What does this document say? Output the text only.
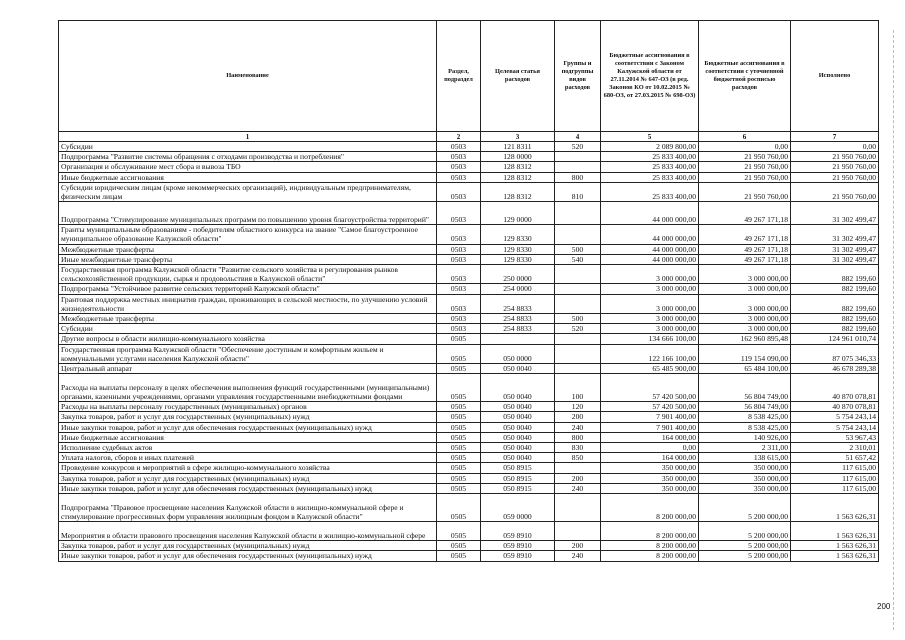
Наименование	Раздел, подраздел	Целевая статья расходов	Группы и подгруппы видов расходов	Бюджетные ассигнования в соответствии с Законом Калужской области от 27.11.2014 № 647-ОЗ (в ред. Законов КО от 10.02.2015 № 680-ОЗ, от 27.03.2015 № 698-ОЗ)	Бюджетные ассигнования в соответствии с уточненной бюджетной росписью расходов	Исполнено
1	2	3	4	5	6	7
Субсидии	0503	121 8311	520	2 089 800,00	0,00	0,00
Подпрограмма "Развитие системы обращения с отходами производства и потребления"	0503	128 0000		25 833 400,00	21 950 760,00	21 950 760,00
Организация и обслуживание мест сбора и вывоза ТБО	0503	128 8312		25 833 400,00	21 950 760,00	21 950 760,00
Иные бюджетные ассигнования	0503	128 8312	800	25 833 400,00	21 950 760,00	21 950 760,00
Субсидии юридическим лицам (кроме некоммерческих организаций), индивидуальным предпринимателям, физическим лицам	0503	128 8312	810	25 833 400,00	21 950 760,00	21 950 760,00
Подпрограмма "Стимулирование муниципальных программ по повышению уровня благоустройства территорий"	0503	129 0000		44 000 000,00	49 267 171,18	31 302 499,47
Гранты муниципальным образованиям - победителям областного конкурса на звание "Самое благоустроенное муниципальное образование Калужской области"	0503	129 8330		44 000 000,00	49 267 171,18	31 302 499,47
Межбюджетные трансферты	0503	129 8330	500	44 000 000,00	49 267 171,18	31 302 499,47
Иные межбюджетные трансферты	0503	129 8330	540	44 000 000,00	49 267 171,18	31 302 499,47
Государственная программа Калужской области "Развитие сельского хозяйства и регулирования рынков сельскохозяйственной продукции, сырья и продовольствия в Калужской области"	0503	250 0000		3 000 000,00	3 000 000,00	882 199,60
Подпрограмма "Устойчивое развитие сельских территорий Калужской области"	0503	254 0000		3 000 000,00	3 000 000,00	882 199,60
Грантовая поддержка местных инициатив граждан, проживающих в сельской местности, по улучшению условий жизнедеятельности	0503	254 8833		3 000 000,00	3 000 000,00	882 199,60
Межбюджетные трансферты	0503	254 8833	500	3 000 000,00	3 000 000,00	882 199,60
Субсидии	0503	254 8833	520	3 000 000,00	3 000 000,00	882 199,60
Другие вопросы в области жилищно-коммунального хозяйства	0505			134 666 100,00	162 960 895,48	124 961 010,74
Государственная программа Калужской области "Обеспечение доступным и комфортным жильем и коммунальными услугами населения Калужской области"	0505	050 0000		122 166 100,00	119 154 090,00	87 075 346,33
Центральный аппарат	0505	050 0040		65 485 900,00	65 484 100,00	46 678 289,38
Расходы на выплаты персоналу в целях обеспечения выполнения функций государственными (муниципальными) органами, казенными учреждениями, органами управления государственными внебюджетными фондами	0505	050 0040	100	57 420 500,00	56 804 749,00	40 870 078,81
Расходы на выплаты персоналу государственных (муниципальных) органов	0505	050 0040	120	57 420 500,00	56 804 749,00	40 870 078,81
Закупка товаров, работ и услуг для государственных (муниципальных) нужд	0505	050 0040	200	7 901 400,00	8 538 425,00	5 754 243,14
Иные закупки товаров, работ и услуг для обеспечения государственных (муниципальных) нужд	0505	050 0040	240	7 901 400,00	8 538 425,00	5 754 243,14
Иные бюджетные ассигнования	0505	050 0040	800	164 000,00	140 926,00	53 967,43
Исполнение судебных актов	0505	050 0040	830	0,00	2 311,00	2 310,01
Уплата налогов, сборов и иных платежей	0505	050 0040	850	164 000,00	138 615,00	51 657,42
Проведение конкурсов и мероприятий в сфере жилищно-коммунального хозяйства	0505	050 8915		350 000,00	350 000,00	117 615,00
Закупка товаров, работ и услуг для государственных (муниципальных) нужд	0505	050 8915	200	350 000,00	350 000,00	117 615,00
Иные закупки товаров, работ и услуг для обеспечения государственных (муниципальных) нужд	0505	050 8915	240	350 000,00	350 000,00	117 615,00
Подпрограмма "Правовое просвещение населения Калужской области в жилищно-коммунальной сфере и стимулирование прогрессивных форм управления жилищным фондом в Калужской области"	0505	059 0000		8 200 000,00	5 200 000,00	1 563 626,31
Мероприятия в области правового просвещения населения Калужской области в жилищно-коммунальной сфере	0505	059 8910		8 200 000,00	5 200 000,00	1 563 626,31
Закупка товаров, работ и услуг для государственных (муниципальных) нужд	0505	059 8910	200	8 200 000,00	5 200 000,00	1 563 626,31
Иные закупки товаров, работ и услуг для обеспечения государственных (муниципальных) нужд	0505	059 8910	240	8 200 000,00	5 200 000,00	1 563 626,31
200
